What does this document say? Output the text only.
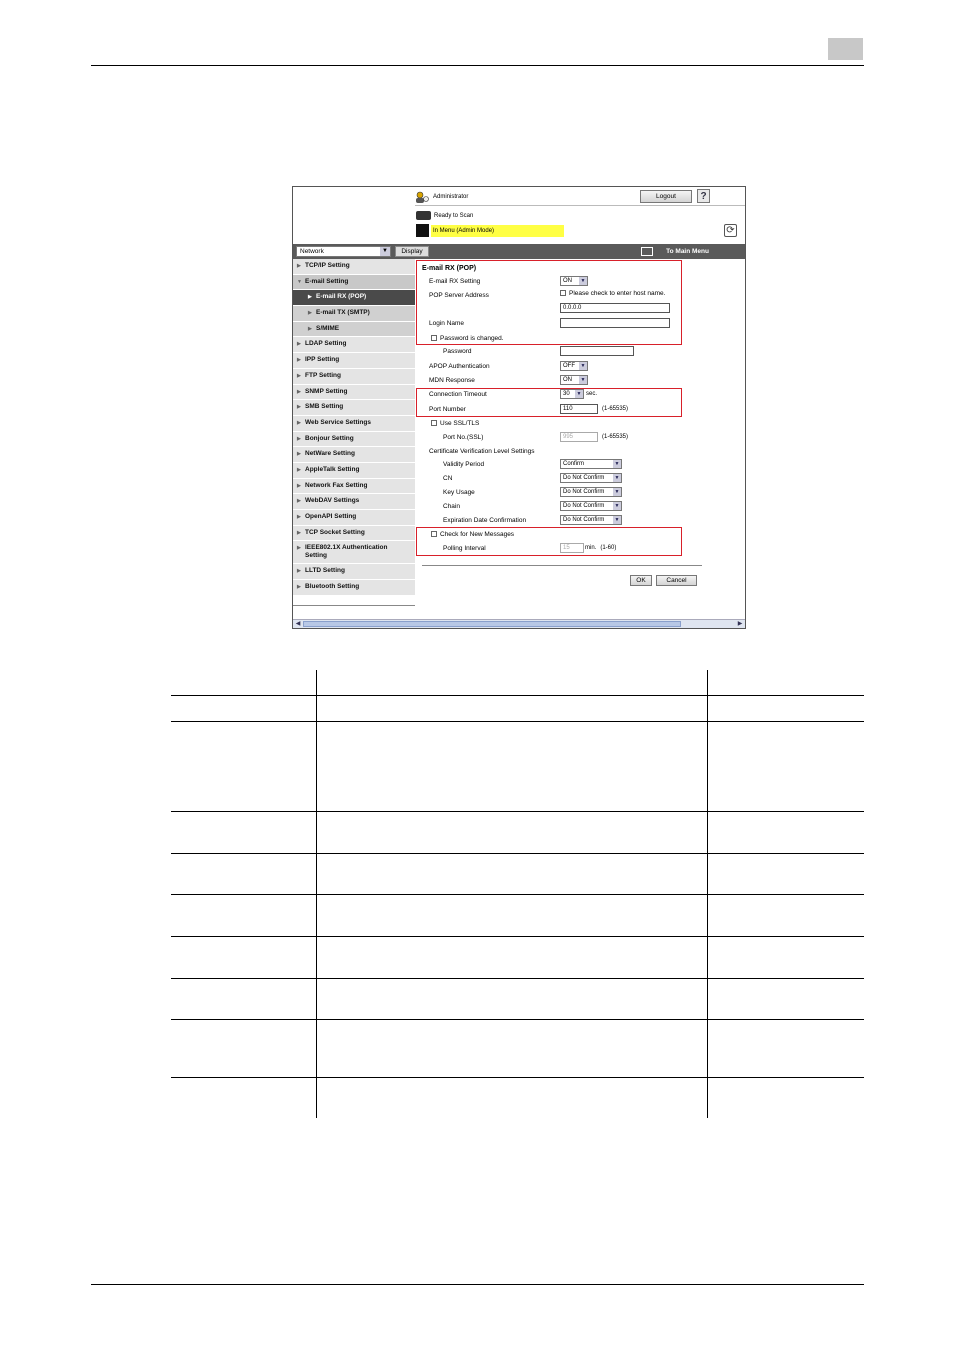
Administrator	Logout	?
Ready to Scan
In Menu (Admin Mode)	⟳
Network	▼	Display	To Main Menu
▶ TCP/IP Setting
▼ E-mail Setting
▶ E-mail RX (POP)
▶ E-mail TX (SMTP)
▶ S/MIME
▶ LDAP Setting
▶ IPP Setting
▶ FTP Setting
▶ SNMP Setting
▶ SMB Setting
▶ Web Service Settings
▶ Bonjour Setting
▶ NetWare Setting
▶ AppleTalk Setting
▶ Network Fax Setting
▶ WebDAV Settings
▶ OpenAPI Setting
▶ TCP Socket Setting
▶ IEEE802.1X Authentication Setting
▶ LLTD Setting
▶ Bluetooth Setting
E-mail RX (POP)
E-mail RX Setting	ON	▼
POP Server Address	Please check to enter host name.
0.0.0.0
Login Name
Password is changed.
Password
APOP Authentication	OFF	▼
MDN Response	ON	▼
Connection Timeout	30	▼ sec.
Port Number	110	(1-65535)
Use SSL/TLS
Port No.(SSL)	995	(1-65535)
Certificate Verification Level Settings
Validity Period	Confirm	▼
CN	Do Not Confirm	▼
Key Usage	Do Not Confirm	▼
Chain	Do Not Confirm	▼
Expiration Date Confirmation	Do Not Confirm	▼
Check for New Messages
Polling Interval	15	min. (1-60)
OK	Cancel
◀	▶
